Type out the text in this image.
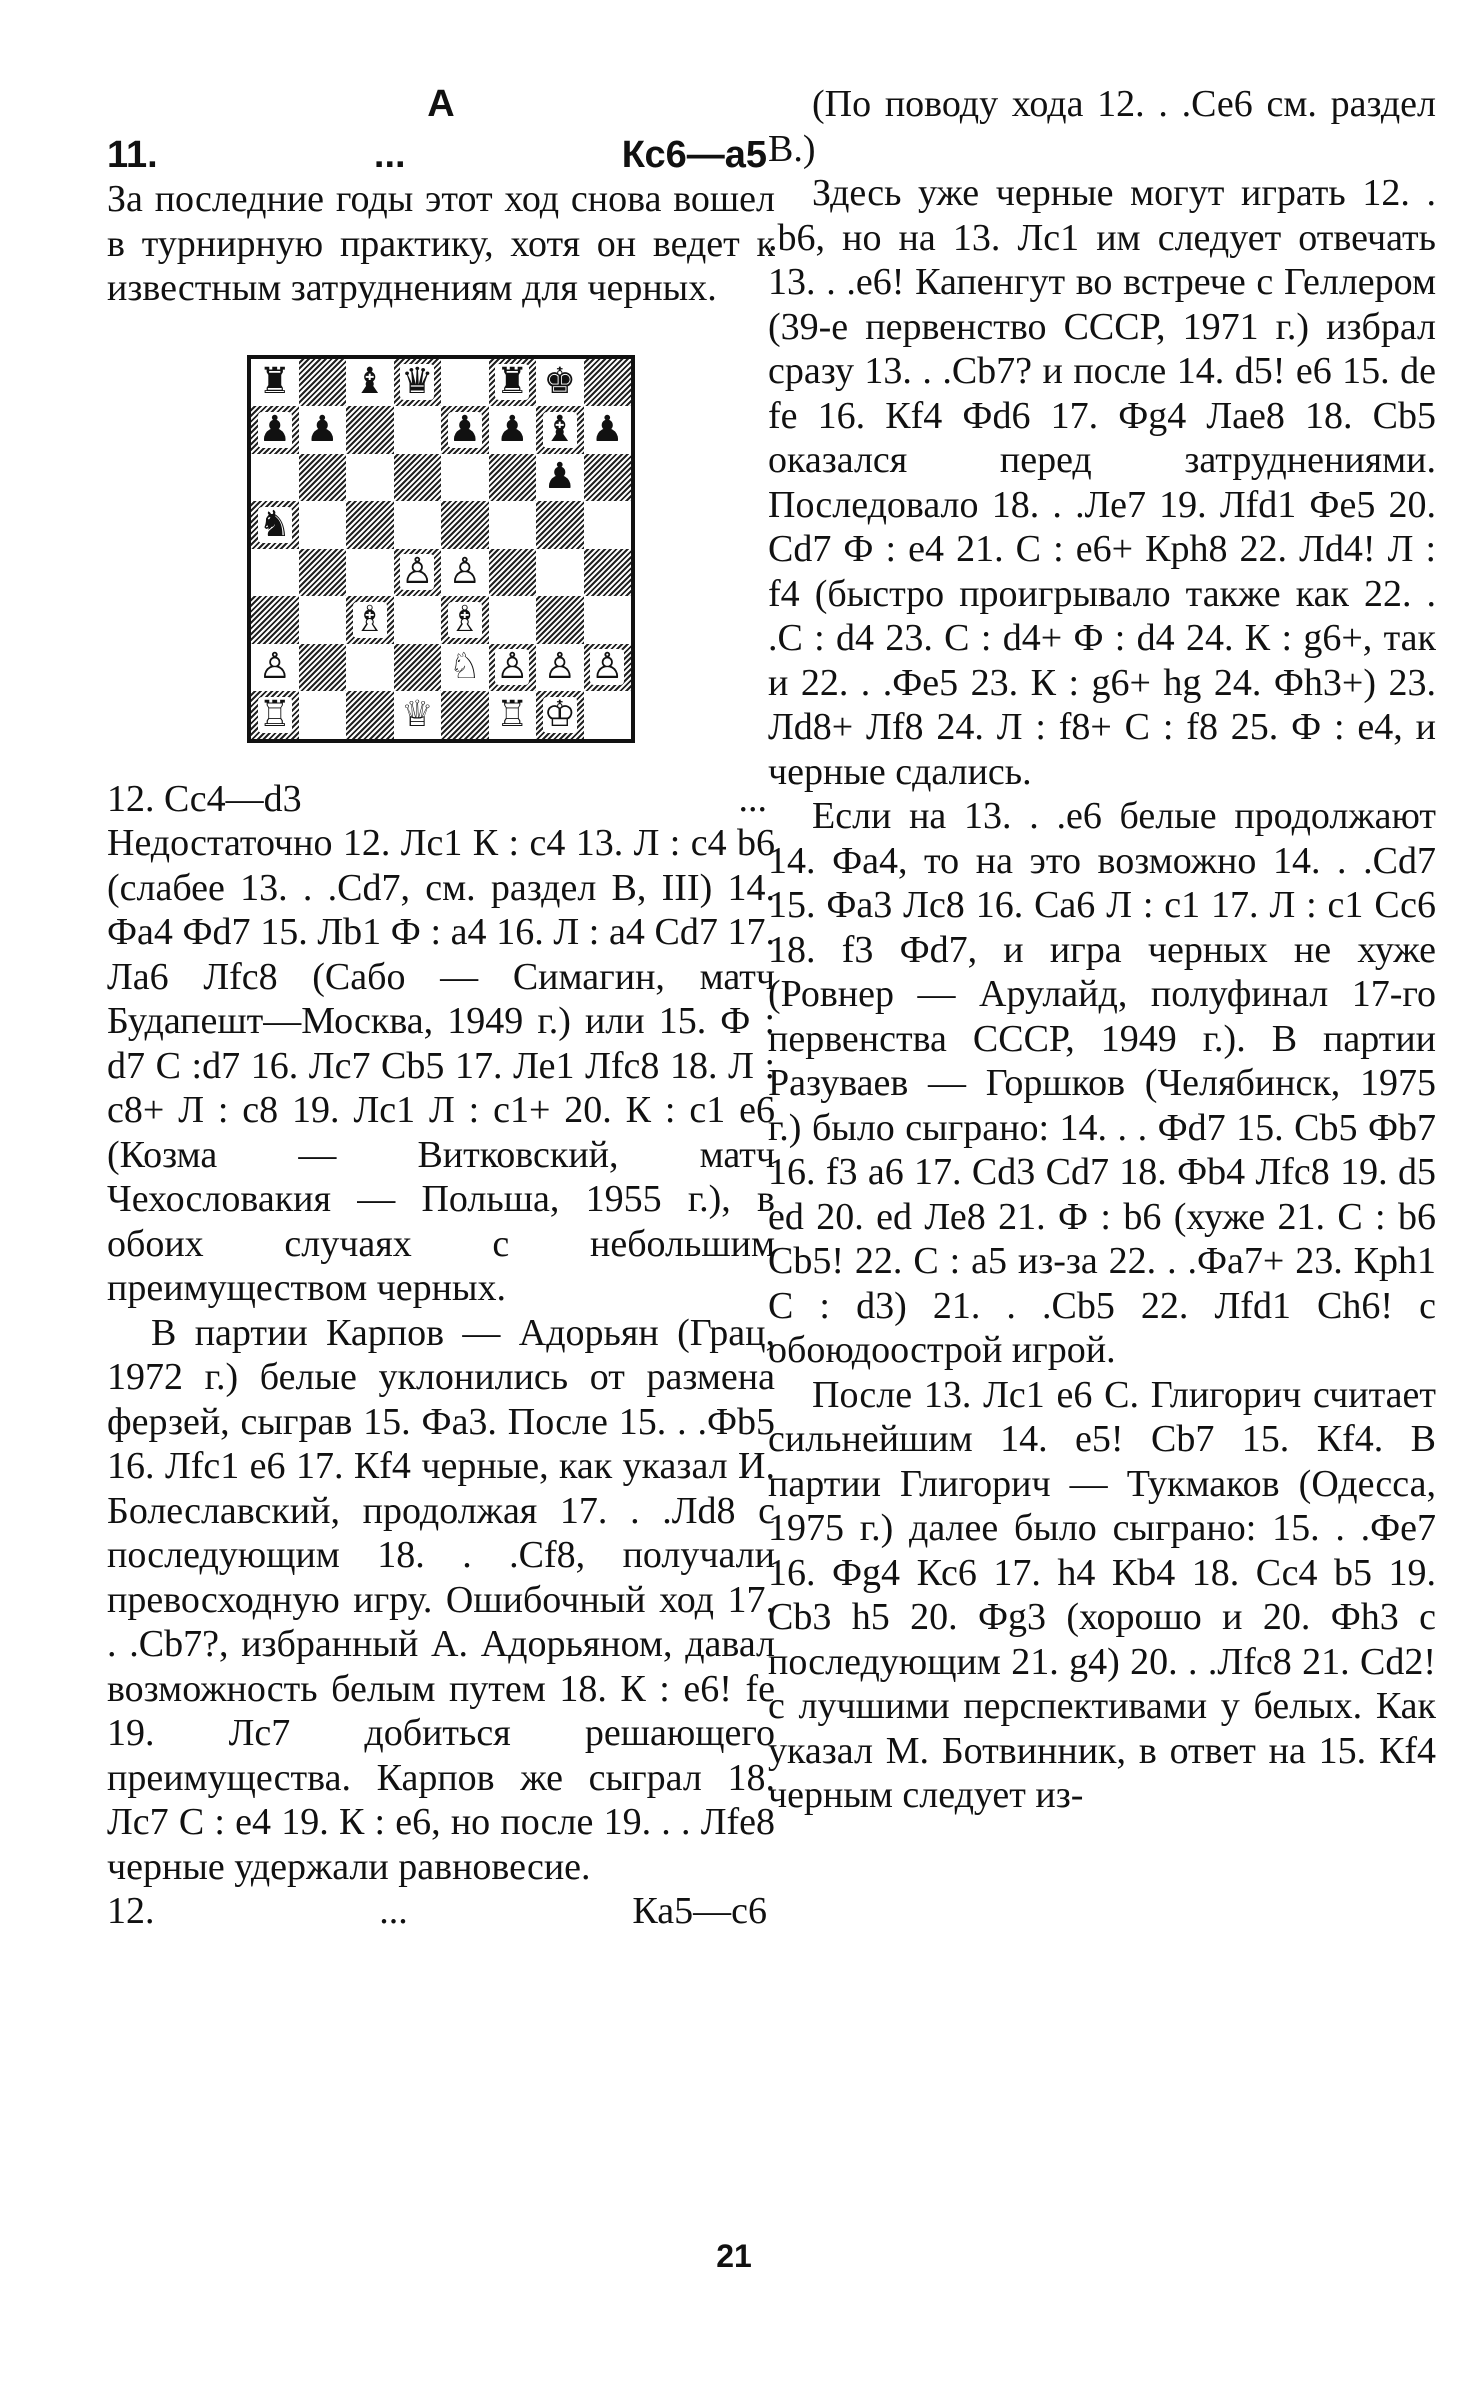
А
11.	...	Кс6—а5

За последние годы этот ход снова вошел в турнирную практику, хотя он ведет к известным затруднениям для черных.

♜ ♝ ♛ ♜ ♚
♟ ♟	♟ ♟ ♝ ♟
♟
♞
♙ ♙
♗ ♗
♙	♘ ♙ ♙ ♙
♖	♕ ♖ ♔
12. Сс4—d3	...

Недостаточно 12. Лс1 К : с4 13. Л : с4 b6 (слабее 13. . .Cd7, см. раздел В, III) 14. Фа4 Фd7 15. Лb1 Ф : а4 16. Л : а4 Cd7 17. Ла6 Лfс8 (Сабо — Симагин, матч Будапешт—Москва, 1949 г.) или 15. Ф : d7 С :d7 16. Лс7 Cb5 17. Ле1 Лfс8 18. Л : с8+ Л : с8 19. Лс1 Л : с1+ 20. К : с1 е6 (Козма — Витковский, матч Чехословакия — Польша, 1955 г.), в обоих случаях с небольшим преимуществом черных.

В партии Карпов — Адорьян (Грац, 1972 г.) белые уклонились от размена ферзей, сыграв 15. Фа3. После 15. . .Фb5 16. Лfс1 е6 17. Кf4 черные, как указал И. Болеславский, продолжая 17. . .Лd8 с последующим 18. . .Cf8, получали превосходную игру. Ошибочный ход 17. . .Cb7?, избранный А. Адорьяном, давал возможность белым путем 18. К : е6! fe 19. Лс7 добиться решающего преимущества. Карпов же сыграл 18. Лс7 С : е4 19. К : е6, но после 19. . . Лfе8 черные удержали равновесие.

12.	...	Ка5—с6

(По поводу хода 12. . .Се6 см. раздел В.)

Здесь уже черные могут играть 12. . .b6, но на 13. Лс1 им следует отвечать 13. . .е6! Капенгут во встрече с Геллером (39-е первенство СССР, 1971 г.) избрал сразу 13. . .Cb7? и после 14. d5! е6 15. de fe 16. Кf4 Фd6 17. Фg4 Лае8 18. Cb5 оказался перед затруднениями. Последовало 18. . .Ле7 19. Лfd1 Фе5 20. Cd7 Ф : е4 21. С : е6+ Крh8 22. Лd4! Л : f4 (быстро проигрывало также как 22. . .С : d4 23. С : d4+ Ф : d4 24. К : g6+, так и 22. . .Фе5 23. К : g6+ hg 24. Фh3+) 23. Лd8+ Лf8 24. Л : f8+ С : f8 25. Ф : е4, и черные сдались.

Если на 13. . .е6 белые продолжают 14. Фа4, то на это возможно 14. . .Cd7 15. Фа3 Лс8 16. Са6 Л : с1 17. Л : с1 Сс6 18. f3 Фd7, и игра черных не хуже (Ровнер — Арулайд, полуфинал 17-го первенства СССР, 1949 г.). В партии Разуваев — Горшков (Челябинск, 1975 г.) было сыграно: 14. . . Фd7 15. Cb5 Фb7 16. f3 а6 17. Cd3 Cd7 18. Фb4 Лfс8 19. d5 ed 20. ed Ле8 21. Ф : b6 (хуже 21. С : b6 Cb5! 22. С : а5 из-за 22. . .Фа7+ 23. Крh1 С : d3) 21. . .Cb5 22. Лfd1 Ch6! с обоюдоострой игрой.

После 13. Лс1 е6 С. Глигорич считает сильнейшим 14. е5! Cb7 15. Кf4. В партии Глигорич — Тукмаков (Одесса, 1975 г.) далее было сыграно: 15. . .Фе7 16. Фg4 Кс6 17. h4 Кb4 18. Сс4 b5 19. Cb3 h5 20. Фg3 (хорошо и 20. Фh3 с последующим 21. g4) 20. . .Лfс8 21. Cd2! с лучшими перспективами у белых. Как указал М. Ботвинник, в ответ на 15. Кf4 черным следует из-

21
